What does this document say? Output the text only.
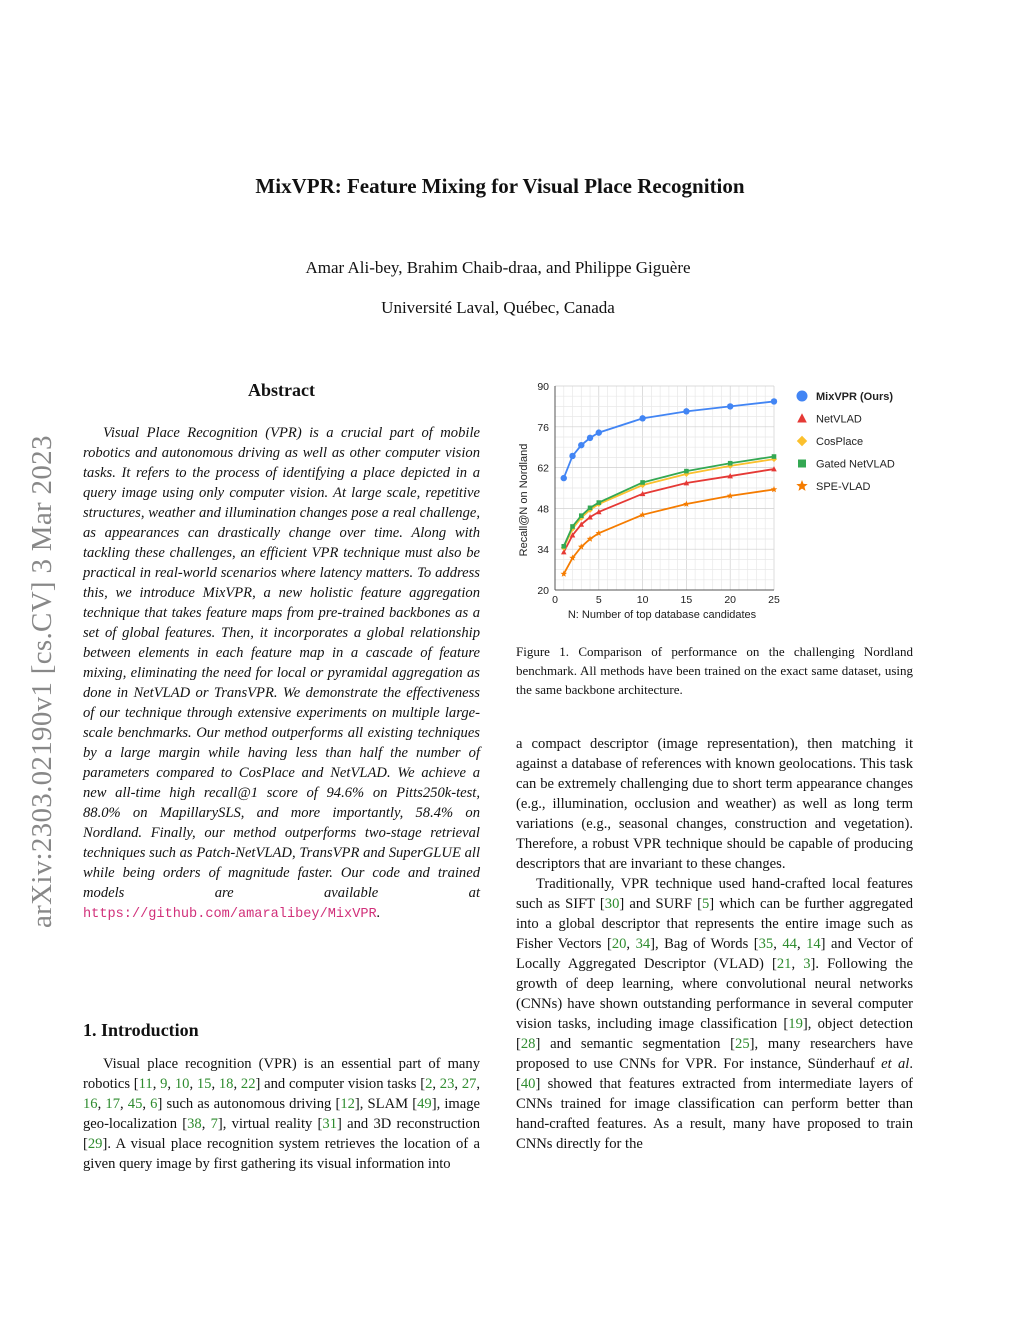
MixVPR: Feature Mixing for Visual Place Recognition
Amar Ali-bey, Brahim Chaib-draa, and Philippe Giguère
Université Laval, Québec, Canada
arXiv:2303.02190v1 [cs.CV] 3 Mar 2023
Abstract

Visual Place Recognition (VPR) is a crucial part of mobile robotics and autonomous driving as well as other computer vision tasks. It refers to the process of identifying a place depicted in a query image using only computer vision. At large scale, repetitive structures, weather and illumination changes pose a real challenge, as appearances can drastically change over time. Along with tackling these challenges, an efficient VPR technique must also be practical in real-world scenarios where latency matters. To address this, we introduce MixVPR, a new holistic feature aggregation technique that takes feature maps from pre-trained backbones as a set of global features. Then, it incorporates a global relationship between elements in each feature map in a cascade of feature mixing, eliminating the need for local or pyramidal aggregation as done in NetVLAD or TransVPR. We demonstrate the effectiveness of our technique through extensive experiments on multiple large-scale benchmarks. Our method outperforms all existing techniques by a large margin while having less than half the number of parameters compared to CosPlace and NetVLAD. We achieve a new all-time high recall@1 score of 94.6% on Pitts250k-test, 88.0% on MapillarySLS, and more importantly, 58.4% on Nordland. Finally, our method outperforms two-stage retrieval techniques such as Patch-NetVLAD, TransVPR and SuperGLUE all while being orders of magnitude faster. Our code and trained models are available at https://github.com/amaralibey/MixVPR.

1. Introduction

Visual place recognition (VPR) is an essential part of many robotics [11, 9, 10, 15, 18, 22] and computer vision tasks [2, 23, 27, 16, 17, 45, 6] such as autonomous driving [12], SLAM [49], image geo-localization [38, 7], virtual reality [31] and 3D reconstruction [29]. A visual place recognition system retrieves the location of a given query image by first gathering its visual information into

20
34
48
62
76
90
0	5	10	15	20	25
Recall@N on Nordland
N: Number of top database candidates
MixVPR (Ours)
NetVLAD
CosPlace
Gated NetVLAD
SPE-VLAD
Figure 1. Comparison of performance on the challenging Nordland benchmark. All methods have been trained on the exact same dataset, using the same backbone architecture.

a compact descriptor (image representation), then matching it against a database of references with known geolocations. This task can be extremely challenging due to short term appearance changes (e.g., illumination, occlusion and weather) as well as long term variations (e.g., seasonal changes, construction and vegetation). Therefore, a robust VPR technique should be capable of producing descriptors that are invariant to these changes.

Traditionally, VPR technique used hand-crafted local features such as SIFT [30] and SURF [5] which can be further aggregated into a global descriptor that represents the entire image such as Fisher Vectors [20, 34], Bag of Words [35, 44, 14] and Vector of Locally Aggregated Descriptor (VLAD) [21, 3]. Following the growth of deep learning, where convolutional neural networks (CNNs) have shown outstanding performance in several computer vision tasks, including image classification [19], object detection [28] and semantic segmentation [25], many researchers have proposed to use CNNs for VPR. For instance, Sünderhauf et al. [40] showed that features extracted from intermediate layers of CNNs trained for image classification can perform better than hand-crafted features. As a result, many have proposed to train CNNs directly for the
